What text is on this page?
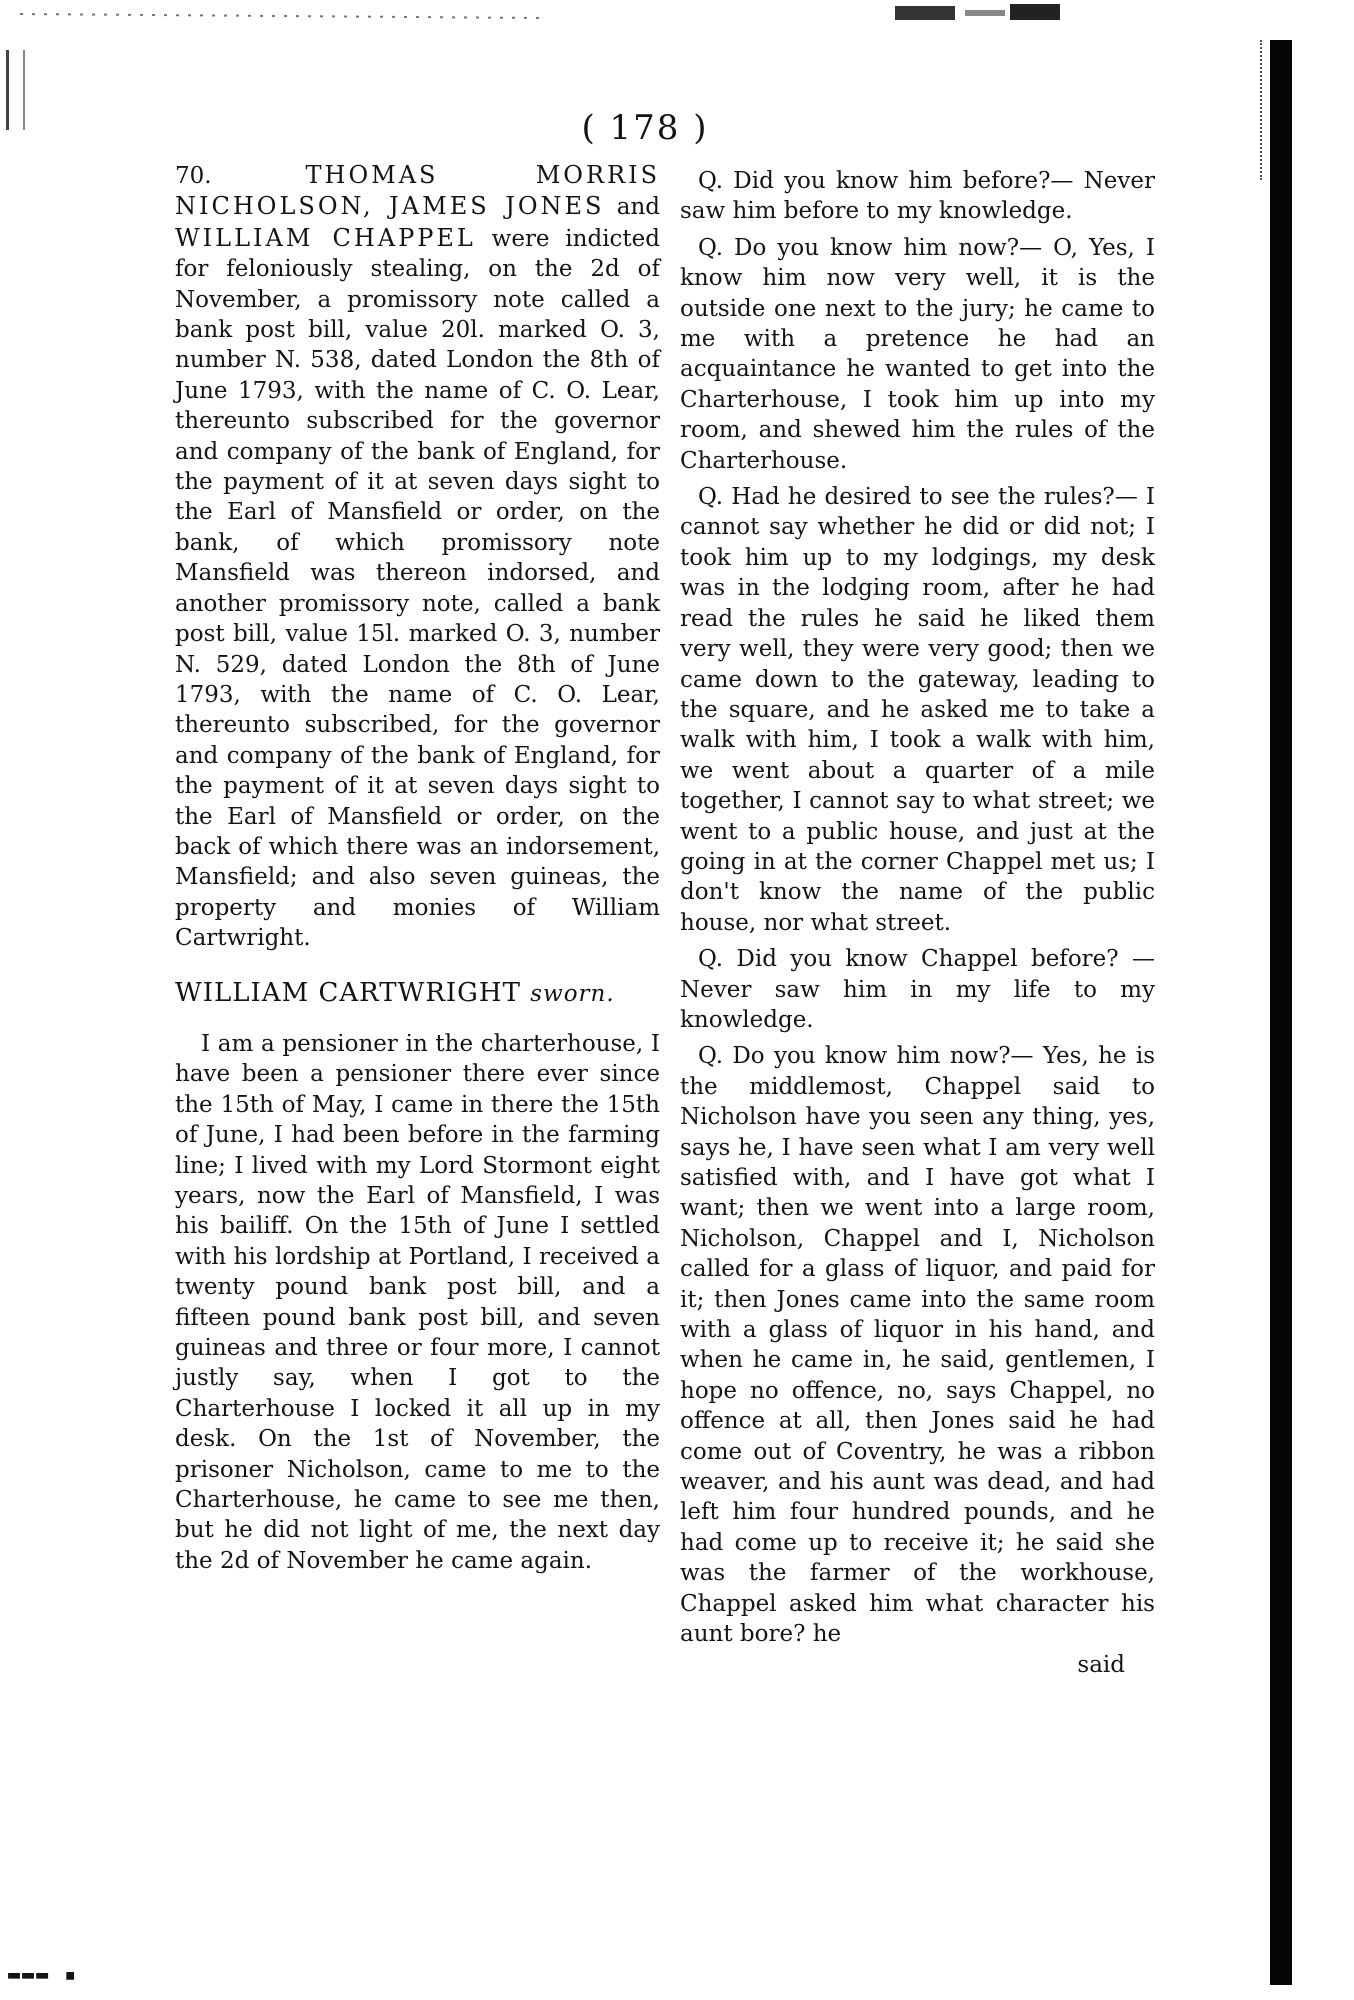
( 178 )

70.	THOMAS MORRIS NICHOLSON, JAMES JONES and WILLIAM CHAPPEL were indicted for feloniously stealing, on the 2d of November, a promissory note called a bank post bill, value 20l. marked O. 3, number N. 538, dated London the 8th of June 1793, with the name of C. O. Lear, thereunto subscribed for the governor and company of the bank of England, for the payment of it at seven days sight to the Earl of Mansfield or order, on the bank, of which promissory note Mansfield was thereon indorsed, and another promissory note, called a bank post bill, value 15l. marked O. 3, number N. 529, dated London the 8th of June 1793, with the name of C. O. Lear, thereunto subscribed, for the governor and company of the bank of England, for the payment of it at seven days sight to the Earl of Mansfield or order, on the back of which there was an indorsement, Mansfield; and also seven guineas, the property and monies of William Cartwright.

WILLIAM CARTWRIGHT sworn.

I am a pensioner in the charterhouse, I have been a pensioner there ever since the 15th of May, I came in there the 15th of June, I had been before in the farming line; I lived with my Lord Stormont eight years, now the Earl of Mansfield, I was his bailiff. On the 15th of June I settled with his lordship at Portland, I received a twenty pound bank post bill, and a fifteen pound bank post bill, and seven guineas and three or four more, I cannot justly say, when I got to the Charterhouse I locked it all up in my desk. On the 1st of November, the prisoner Nicholson, came to me to the Charterhouse, he came to see me then, but he did not light of me, the next day the 2d of November he came again.

Q. Did you know him before?— Never saw him before to my knowledge.

Q. Do you know him now?— O, Yes, I know him now very well, it is the outside one next to the jury; he came to me with a pretence he had an acquaintance he wanted to get into the Charterhouse, I took him up into my room, and shewed him the rules of the Charterhouse.

Q. Had he desired to see the rules?— I cannot say whether he did or did not; I took him up to my lodgings, my desk was in the lodging room, after he had read the rules he said he liked them very well, they were very good; then we came down to the gateway, leading to the square, and he asked me to take a walk with him, I took a walk with him, we went about a quarter of a mile together, I cannot say to what street; we went to a public house, and just at the going in at the corner Chappel met us; I don't know the name of the public house, nor what street.

Q. Did you know Chappel before? — Never saw him in my life to my knowledge.

Q. Do you know him now?— Yes, he is the middlemost, Chappel said to Nicholson have you seen any thing, yes, says he, I have seen what I am very well satisfied with, and I have got what I want; then we went into a large room, Nicholson, Chappel and I, Nicholson called for a glass of liquor, and paid for it; then Jones came into the same room with a glass of liquor in his hand, and when he came in, he said, gentlemen, I hope no offence, no, says Chappel, no offence at all, then Jones said he had come out of Coventry, he was a ribbon weaver, and his aunt was dead, and had left him four hundred pounds, and he had come up to receive it; he said she was the farmer of the workhouse, Chappel asked him what character his aunt bore? he

said

▬▬▬ ▪
